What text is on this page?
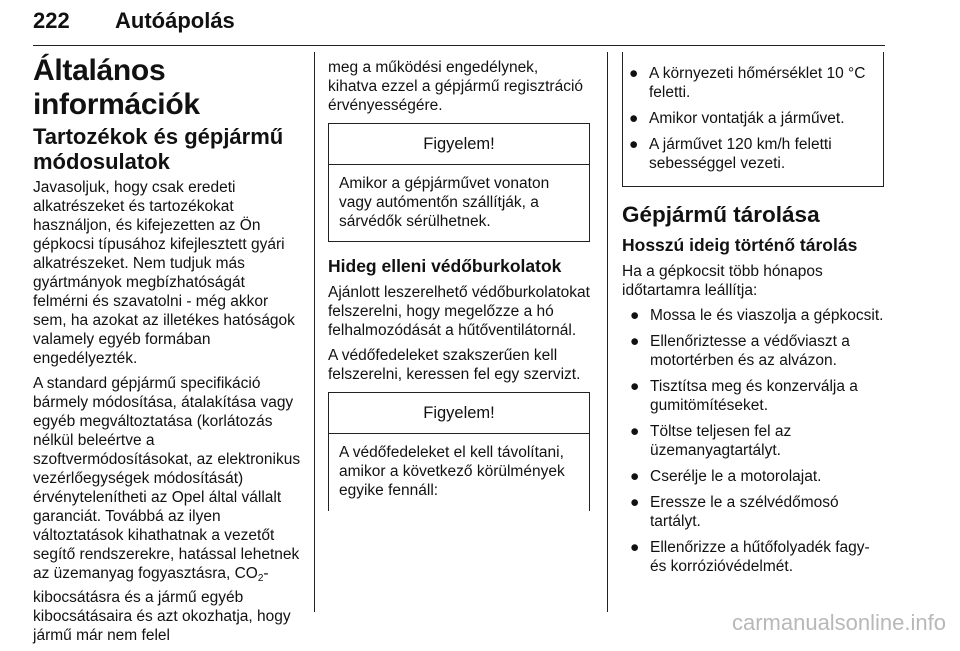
222 Autóápolás
Általános információk
Tartozékok és gépjármű módosulatok

Javasoljuk, hogy csak eredeti alkatrészeket és tartozékokat használjon, és kifejezetten az Ön gépkocsi típusához kifejlesztett gyári alkatrészeket. Nem tudjuk más gyártmányok megbízhatóságát felmérni és szavatolni - még akkor sem, ha azokat az illetékes hatóságok valamely egyéb formában engedélyezték.

A standard gépjármű specifikáció bármely módosítása, átalakítása vagy egyéb megváltoztatása (korlátozás nélkül beleértve a szoftvermódosításokat, az elektronikus vezérlőegységek módosítását) érvénytelenítheti az Opel által vállalt garanciát. Továbbá az ilyen változtatások kihathatnak a vezetőt segítő rendszerekre, hatással lehetnek az üzemanyag fogyasztásra, $CO_2$-kibocsátásra és a jármű egyéb kibocsátásaira és azt okozhatja, hogy jármű már nem felel

meg a működési engedélynek, kihatva ezzel a gépjármű regisztráció érvényességére.

Figyelem!
Amikor a gépjárművet vonaton vagy autómentőn szállítják, a sárvédők sérülhetnek.
Hideg elleni védőburkolatok

Ajánlott leszerelhető védőburkolatokat felszerelni, hogy megelőzze a hó felhalmozódását a hűtőventilátornál.

A védőfedeleket szakszerűen kell felszerelni, keressen fel egy szervizt.

Figyelem!
A védőfedeleket el kell távolítani, amikor a következő körülmények egyike fennáll:
● A környezeti hőmérséklet 10 °C feletti.
● Amikor vontatják a járművet.
● A járművet 120 km/h feletti sebességgel vezeti.
Gépjármű tárolása
Hosszú ideig történő tárolás

Ha a gépkocsit több hónapos időtartamra leállítja:

● Mossa le és viaszolja a gépkocsit.
● Ellenőriztesse a védőviaszt a motortérben és az alvázon.
● Tisztítsa meg és konzerválja a gumitömítéseket.
● Töltse teljesen fel az üzemanyagtartályt.
● Cserélje le a motorolajat.
● Eressze le a szélvédőmosó tartályt.
● Ellenőrizze a hűtőfolyadék fagy- és korrózióvédelmét.
carmanualsonline.info
